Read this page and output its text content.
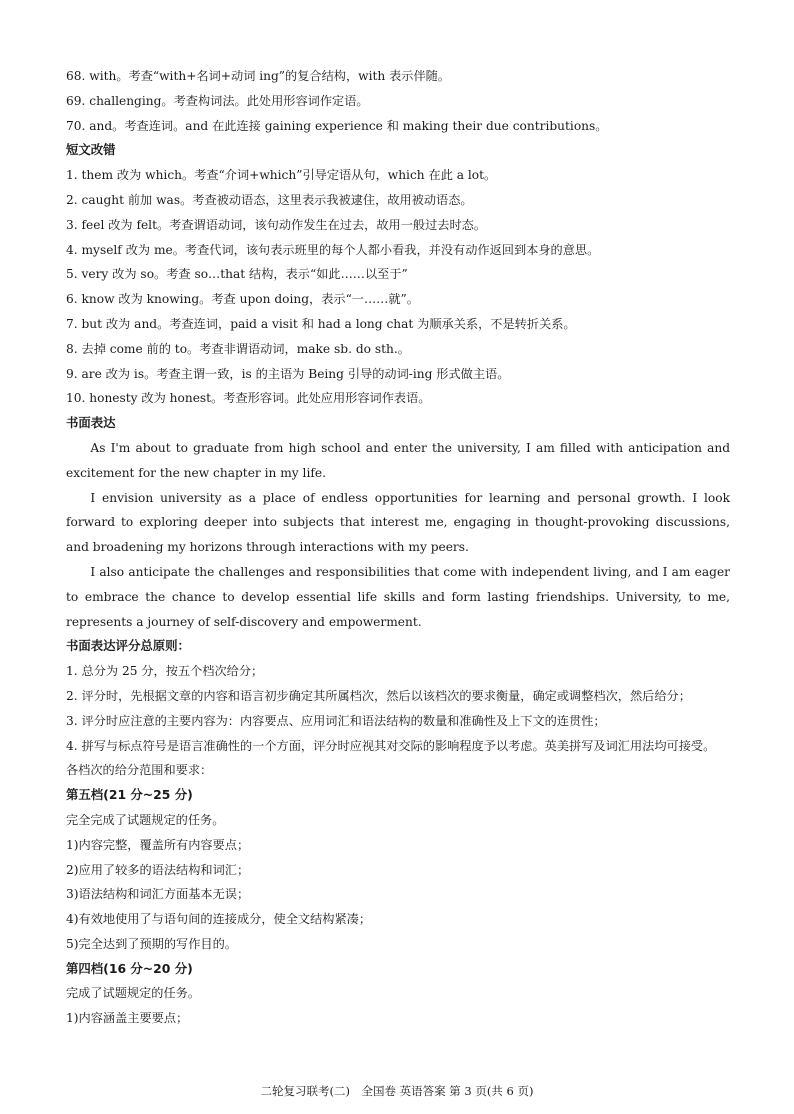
68. with。考查“with+名词+动词 ing”的复合结构，with 表示伴随。
69. challenging。考查构词法。此处用形容词作定语。
70. and。考查连词。and 在此连接 gaining experience 和 making their due contributions。
短文改错
1. them 改为 which。考查“介词+which”引导定语从句，which 在此 a lot。
2. caught 前加 was。考查被动语态，这里表示我被逮住，故用被动语态。
3. feel 改为 felt。考查谓语动词，该句动作发生在过去，故用一般过去时态。
4. myself 改为 me。考查代词，该句表示班里的每个人都小看我，并没有动作返回到本身的意思。
5. very 改为 so。考查 so…that 结构，表示“如此……以至于”
6. know 改为 knowing。考查 upon doing，表示“一……就”。
7. but 改为 and。考查连词，paid a visit 和 had a long chat 为顺承关系，不是转折关系。
8. 去掉 come 前的 to。考查非谓语动词，make sb. do sth.。
9. are 改为 is。考查主谓一致，is 的主语为 Being 引导的动词-ing 形式做主语。
10. honesty 改为 honest。考查形容词。此处应用形容词作表语。
书面表达
As I'm about to graduate from high school and enter the university, I am filled with anticipation and excitement for the new chapter in my life.
I envision university as a place of endless opportunities for learning and personal growth. I look forward to exploring deeper into subjects that interest me, engaging in thought-provoking discussions, and broadening my horizons through interactions with my peers.
I also anticipate the challenges and responsibilities that come with independent living, and I am eager to embrace the chance to develop essential life skills and form lasting friendships. University, to me, represents a journey of self-discovery and empowerment.
书面表达评分总原则：
1. 总分为 25 分，按五个档次给分；
2. 评分时，先根据文章的内容和语言初步确定其所属档次，然后以该档次的要求衡量，确定或调整档次，然后给分；
3. 评分时应注意的主要内容为：内容要点、应用词汇和语法结构的数量和准确性及上下文的连贯性；
4. 拼写与标点符号是语言准确性的一个方面，评分时应视其对交际的影响程度予以考虑。英美拼写及词汇用法均可接受。
各档次的给分范围和要求：
第五档(21 分~25 分)
完全完成了试题规定的任务。
1)内容完整，覆盖所有内容要点；
2)应用了较多的语法结构和词汇；
3)语法结构和词汇方面基本无误；
4)有效地使用了与语句间的连接成分，使全文结构紧凑；
5)完全达到了预期的写作目的。
第四档(16 分~20 分)
完成了试题规定的任务。
1)内容涵盖主要要点；
二轮复习联考(二)　全国卷 英语答案 第 3 页(共 6 页)
